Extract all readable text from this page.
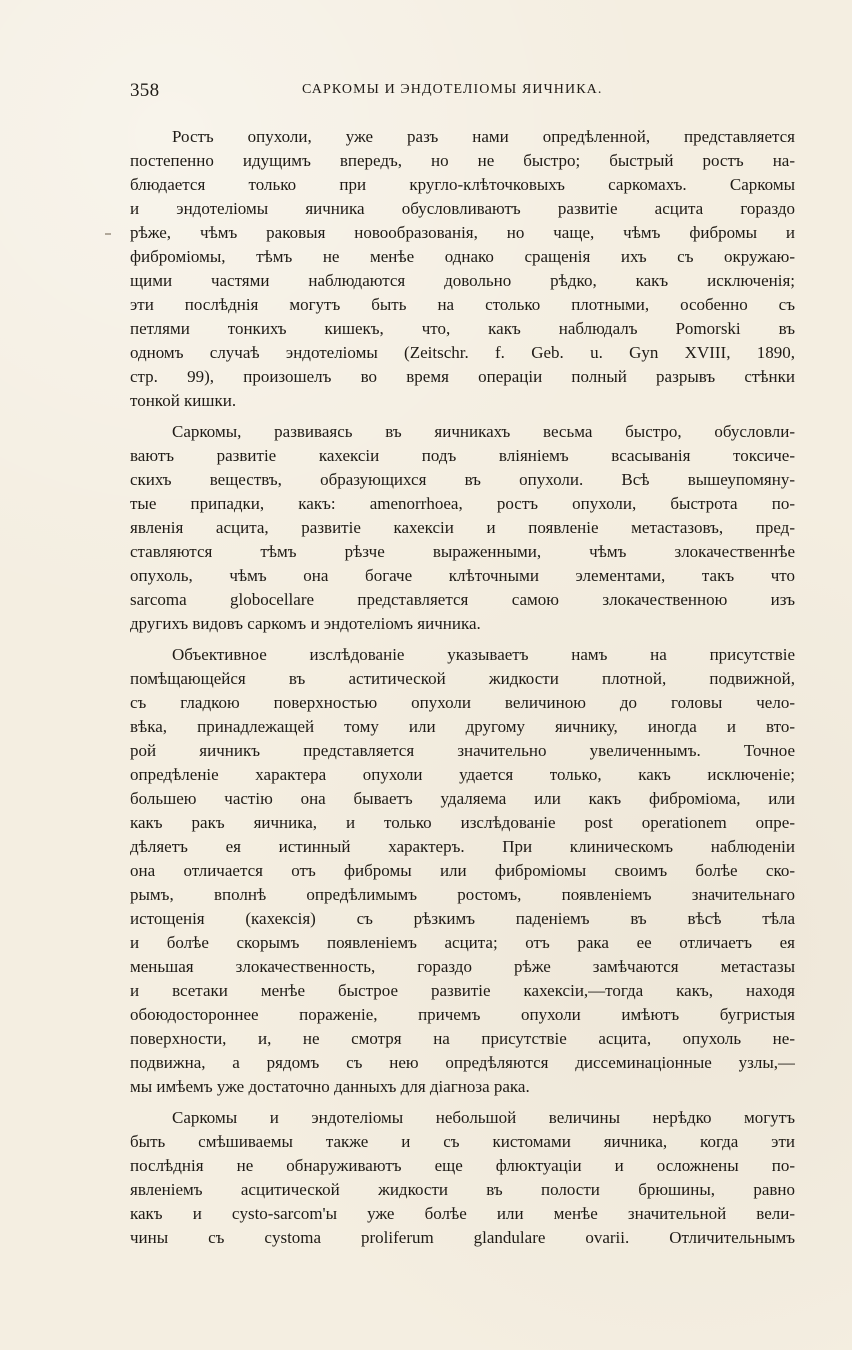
358	САРКОМЫ И ЭНДОТЕЛІОМЫ ЯИЧНИКА.
Ростъ опухоли, уже разъ нами опредѣленной, представляется
постепенно идущимъ впередъ, но не быстро; быстрый ростъ на-
блюдается только при кругло-клѣточковыхъ саркомахъ. Саркомы
и эндотеліомы яичника обусловливаютъ развитіе асцита гораздо
рѣже, чѣмъ раковыя новообразованія, но чаще, чѣмъ фибромы и
фиброміомы, тѣмъ не менѣе однако сращенія ихъ съ окружаю-
щими частями наблюдаются довольно рѣдко, какъ исключенія;
эти послѣднія могутъ быть на столько плотными, особенно съ
петлями тонкихъ кишекъ, что, какъ наблюдалъ Pomorski въ
одномъ случаѣ эндотеліомы (Zeitschr. f. Geb. u. Gyn XVIII, 1890,
стр. 99), произошелъ во время операціи полный разрывъ стѣнки
тонкой кишки.
Саркомы, развиваясь въ яичникахъ весьма быстро, обусловли-
ваютъ развитіе кахексіи подъ вліяніемъ всасыванія токсиче-
скихъ веществъ, образующихся въ опухоли. Всѣ вышеупомяну-
тые припадки, какъ: amenorrhoea, ростъ опухоли, быстрота по-
явленія асцита, развитіе кахексіи и появленіе метастазовъ, пред-
ставляются тѣмъ рѣзче выраженными, чѣмъ злокачественнѣе
опухоль, чѣмъ она богаче клѣточными элементами, такъ что
sarcoma globocellare представляется самою злокачественною изъ
другихъ видовъ саркомъ и эндотеліомъ яичника.
Объективное изслѣдованіе указываетъ намъ на присутствіе
помѣщающейся въ аститической жидкости плотной, подвижной,
съ гладкою поверхностью опухоли величиною до головы чело-
вѣка, принадлежащей тому или другому яичнику, иногда и вто-
рой яичникъ представляется значительно увеличеннымъ. Точное
опредѣленіе характера опухоли удается только, какъ исключеніе;
большею частію она бываетъ удаляема или какъ фиброміома, или
какъ ракъ яичника, и только изслѣдованіе post operationem опре-
дѣляетъ ея истинный характеръ. При клиническомъ наблюденіи
она отличается отъ фибромы или фиброміомы своимъ болѣе ско-
рымъ, вполнѣ опредѣлимымъ ростомъ, появленіемъ значительнаго
истощенія (кахексія) съ рѣзкимъ паденіемъ въ вѣсѣ тѣла
и болѣе скорымъ появленіемъ асцита; отъ рака ее отличаетъ ея
меньшая злокачественность, гораздо рѣже замѣчаются метастазы
и всетаки менѣе быстрое развитіе кахексіи,—тогда какъ, находя
обоюдостороннее пораженіе, причемъ опухоли имѣютъ бугристыя
поверхности, и, не смотря на присутствіе асцита, опухоль не-
подвижна, а рядомъ съ нею опредѣляются диссеминаціонные узлы,—
мы имѣемъ уже достаточно данныхъ для діагноза рака.
Саркомы и эндотеліомы небольшой величины нерѣдко могутъ
быть смѣшиваемы также и съ кистомами яичника, когда эти
послѣднія не обнаруживаютъ еще флюктуаціи и осложнены по-
явленіемъ асцитической жидкости въ полости брюшины, равно
какъ и cysto-sarcom'ы уже болѣе или менѣе значительной вели-
чины съ cystoma proliferum glandulare ovarii. Отличительнымъ
